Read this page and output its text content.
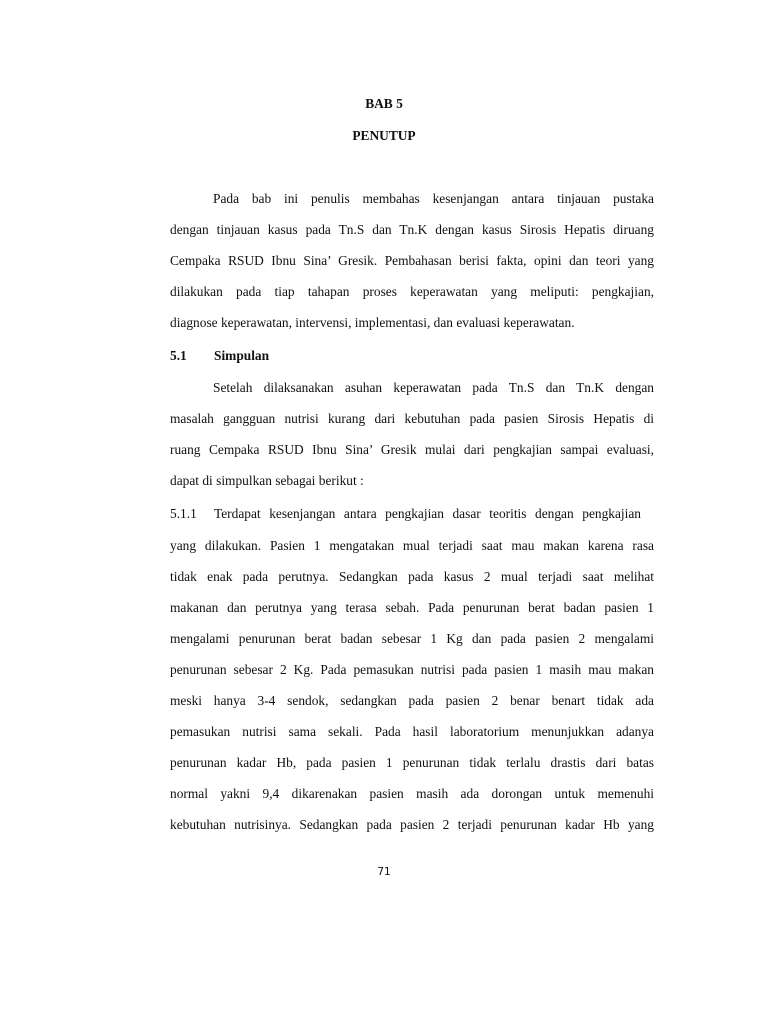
BAB 5
PENUTUP
Pada bab ini penulis membahas kesenjangan antara tinjauan pustaka
dengan tinjauan kasus pada Tn.S dan Tn.K dengan kasus Sirosis Hepatis diruang
Cempaka RSUD Ibnu Sina’ Gresik. Pembahasan berisi fakta, opini dan teori yang
dilakukan pada tiap tahapan proses keperawatan yang meliputi: pengkajian,
diagnose keperawatan, intervensi, implementasi, dan evaluasi keperawatan.
5.1 Simpulan
Setelah dilaksanakan asuhan keperawatan pada Tn.S dan Tn.K dengan
masalah gangguan nutrisi kurang dari kebutuhan pada pasien Sirosis Hepatis di
ruang Cempaka RSUD Ibnu Sina’ Gresik mulai dari pengkajian sampai evaluasi,
dapat di simpulkan sebagai berikut :
5.1.1 Terdapat kesenjangan antara pengkajian dasar teoritis dengan pengkajian
yang dilakukan. Pasien 1 mengatakan mual terjadi saat mau makan karena rasa
tidak enak pada perutnya. Sedangkan pada kasus 2 mual terjadi saat melihat
makanan dan perutnya yang terasa sebah. Pada penurunan berat badan pasien 1
mengalami penurunan berat badan sebesar 1 Kg dan pada pasien 2 mengalami
penurunan sebesar 2 Kg. Pada pemasukan nutrisi pada pasien 1 masih mau makan
meski hanya 3-4 sendok, sedangkan pada pasien 2 benar benart tidak ada
pemasukan nutrisi sama sekali. Pada hasil laboratorium menunjukkan adanya
penurunan kadar Hb, pada pasien 1 penurunan tidak terlalu drastis dari batas
normal yakni 9,4 dikarenakan pasien masih ada dorongan untuk memenuhi
kebutuhan nutrisinya. Sedangkan pada pasien 2 terjadi penurunan kadar Hb yang
71
